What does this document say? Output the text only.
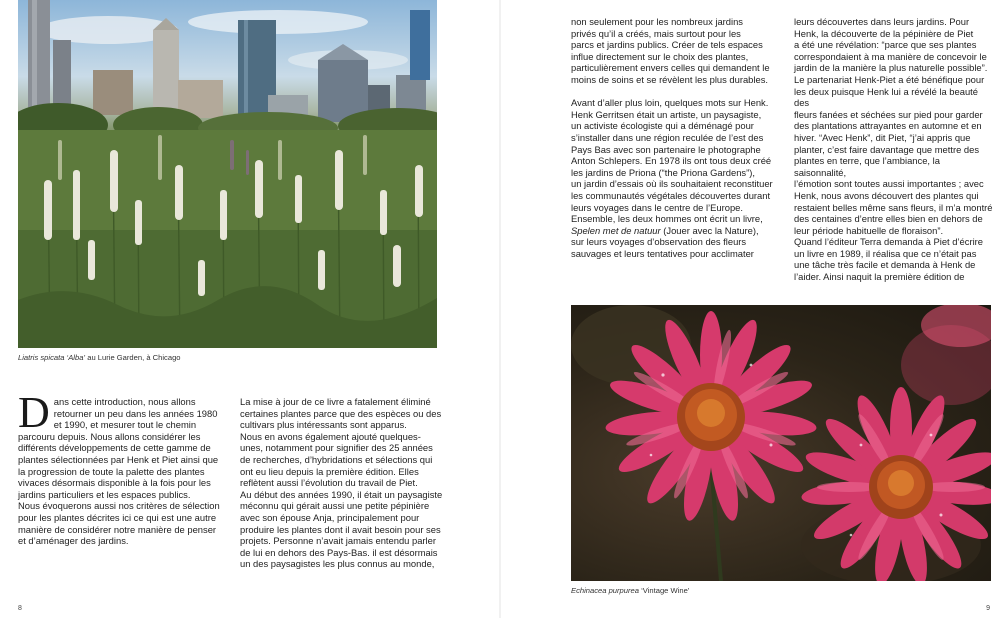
Liatris spicata ‘Alba’ au Lurie Garden, à Chicago
D ans cette introduction, nous allons

retourner un peu dans les années 1980

et 1990, et mesurer tout le chemin

parcouru depuis. Nous allons considérer les

différents développements de cette gamme de

plantes sélectionnées par Henk et Piet ainsi que

la progression de toute la palette des plantes

vivaces désormais disponible à la fois pour les

jardins particuliers et les espaces publics.

Nous évoquerons aussi nos critères de sélection

pour les plantes décrites ici ce qui est une autre

manière de considérer notre manière de penser

et d’aménager des jardins.

La mise à jour de ce livre a fatalement éliminé

certaines plantes parce que des espèces ou des

cultivars plus intéressants sont apparus.

Nous en avons également ajouté quelques-

unes, notamment pour signifier des 25 années

de recherches, d’hybridations et sélections qui

ont eu lieu depuis la première édition. Elles

reflètent aussi l’évolution du travail de Piet.

Au début des années 1990, il était un paysagiste

méconnu qui gérait aussi une petite pépinière

avec son épouse Anja, principalement pour

produire les plantes dont il avait besoin pour ses

projets. Personne n’avait jamais entendu parler

de lui en dehors des Pays-Bas. il est désormais

un des paysagistes les plus connus au monde,

8

non seulement pour les nombreux jardins

privés qu’il a créés, mais surtout pour les

parcs et jardins publics. Créer de tels espaces

influe directement sur le choix des plantes,

particulièrement envers celles qui demandent le

moins de soins et se révèlent les plus durables.

Avant d’aller plus loin, quelques mots sur Henk.

Henk Gerritsen était un artiste, un paysagiste,

un activiste écologiste qui a déménagé pour

s’installer dans une région reculée de l’est des

Pays Bas avec son partenaire le photographe

Anton Schlepers. En 1978 ils ont tous deux créé

les jardins de Priona (“the Priona Gardens”),

un jardin d’essais où ils souhaitaient reconstituer

les communautés végétales découvertes durant

leurs voyages dans le centre de l’Europe.

Ensemble, les deux hommes ont écrit un livre,

Spelen met de natuur (Jouer avec la Nature),

sur leurs voyages d’observation des fleurs

sauvages et leurs tentatives pour acclimater

leurs découvertes dans leurs jardins. Pour

Henk, la découverte de la pépinière de Piet

a été une révélation: “parce que ses plantes

correspondaient à ma manière de concevoir le

jardin de la manière la plus naturelle possible”.

Le partenariat Henk-Piet a été bénéfique pour

les deux puisque Henk lui a révélé la beauté des

fleurs fanées et séchées sur pied pour garder

des plantations attrayantes en automne et en

hiver. “Avec Henk”, dit Piet, “j’ai appris que

planter, c’est faire davantage que mettre des

plantes en terre, que l’ambiance, la saisonnalité,

l’émotion sont toutes aussi importantes ; avec

Henk, nous avons découvert des plantes qui

restaient belles même sans fleurs, il m’a montré

des centaines d’entre elles bien en dehors de

leur période habituelle de floraison”.

Quand l’éditeur Terra demanda à Piet d’écrire

un livre en 1989, il réalisa que ce n’était pas

une tâche très facile et demanda à Henk de

l’aider. Ainsi naquit la première édition de

Echinacea purpurea ‘Vintage Wine’
9
